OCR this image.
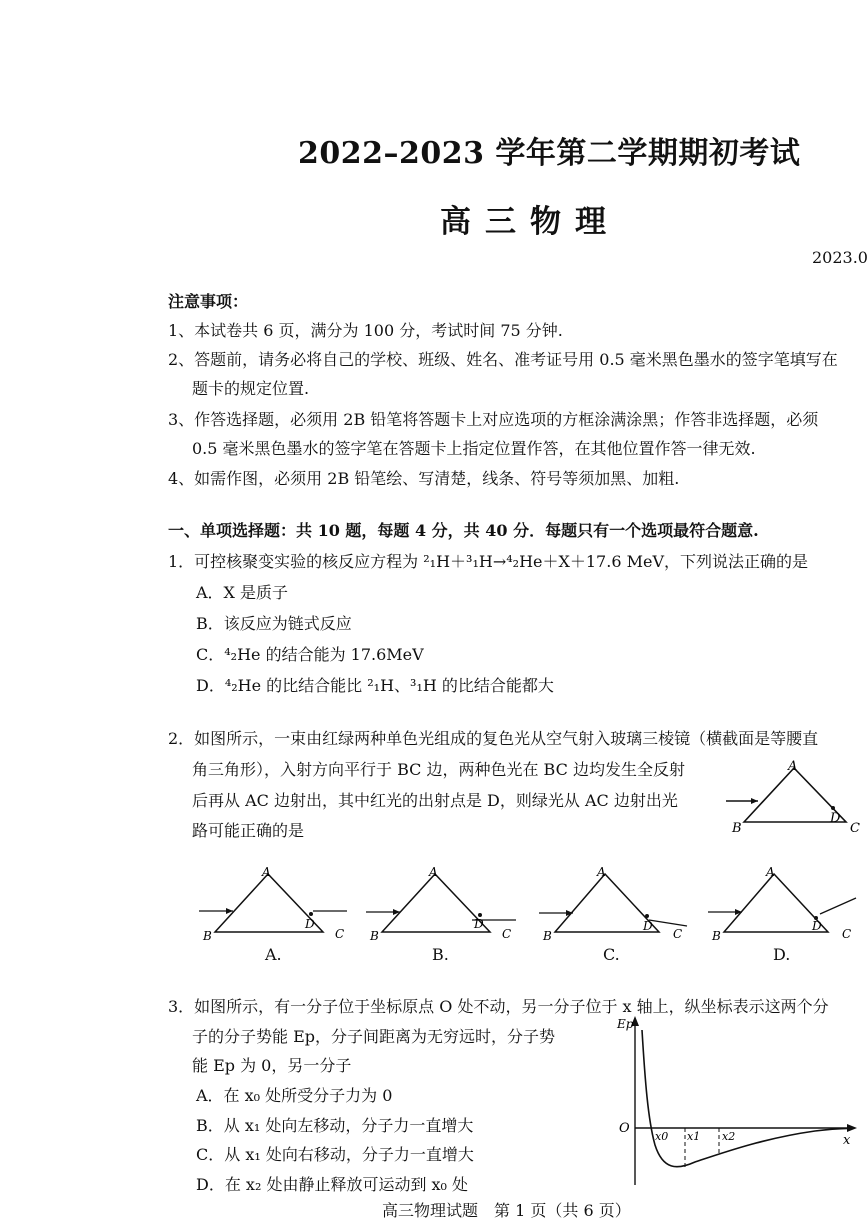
2022–2023 学年第二学期期初考试
高三物理
2023.0
注意事项：
1、本试卷共 6 页，满分为 100 分，考试时间 75 分钟.
2、答题前，请务必将自己的学校、班级、姓名、准考证号用 0.5 毫米黑色墨水的签字笔填写在
题卡的规定位置.
3、作答选择题，必须用 2B 铅笔将答题卡上对应选项的方框涂满涂黑；作答非选择题，必须
0.5 毫米黑色墨水的签字笔在答题卡上指定位置作答，在其他位置作答一律无效.
4、如需作图，必须用 2B 铅笔绘、写清楚，线条、符号等须加黑、加粗.
一、单项选择题：共 10 题，每题 4 分，共 40 分．每题只有一个选项最符合题意.
1．可控核聚变实验的核反应方程为 ²₁H＋³₁H→⁴₂He＋X＋17.6 MeV，下列说法正确的是
A．X 是质子
B．该反应为链式反应
C．⁴₂He 的结合能为 17.6MeV
D．⁴₂He 的比结合能比 ²₁H、³₁H 的比结合能都大
2．如图所示，一束由红绿两种单色光组成的复色光从空气射入玻璃三棱镜（横截面是等腰直
角三角形），入射方向平行于 BC 边，两种色光在 BC 边均发生全反射
后再从 AC 边射出，其中红光的出射点是 D，则绿光从 AC 边射出光
路可能正确的是
A
B
D
C
A
B
D
C
A
B
D
C
A
B
D
C
A
B
D
C
A.	B.	C.	D.
3．如图所示，有一分子位于坐标原点 O 处不动，另一分子位于 x 轴上，纵坐标表示这两个分
子的分子势能 Ep，分子间距离为无穷远时，分子势
能 Ep 为 0，另一分子
A．在 x₀ 处所受分子力为 0
B．从 x₁ 处向左移动，分子力一直增大
C．从 x₁ 处向右移动，分子力一直增大
D．在 x₂ 处由静止释放可运动到 x₀ 处
Ep
O
x
x0 x1 x2
高三物理试题　第 1 页（共 6 页）
